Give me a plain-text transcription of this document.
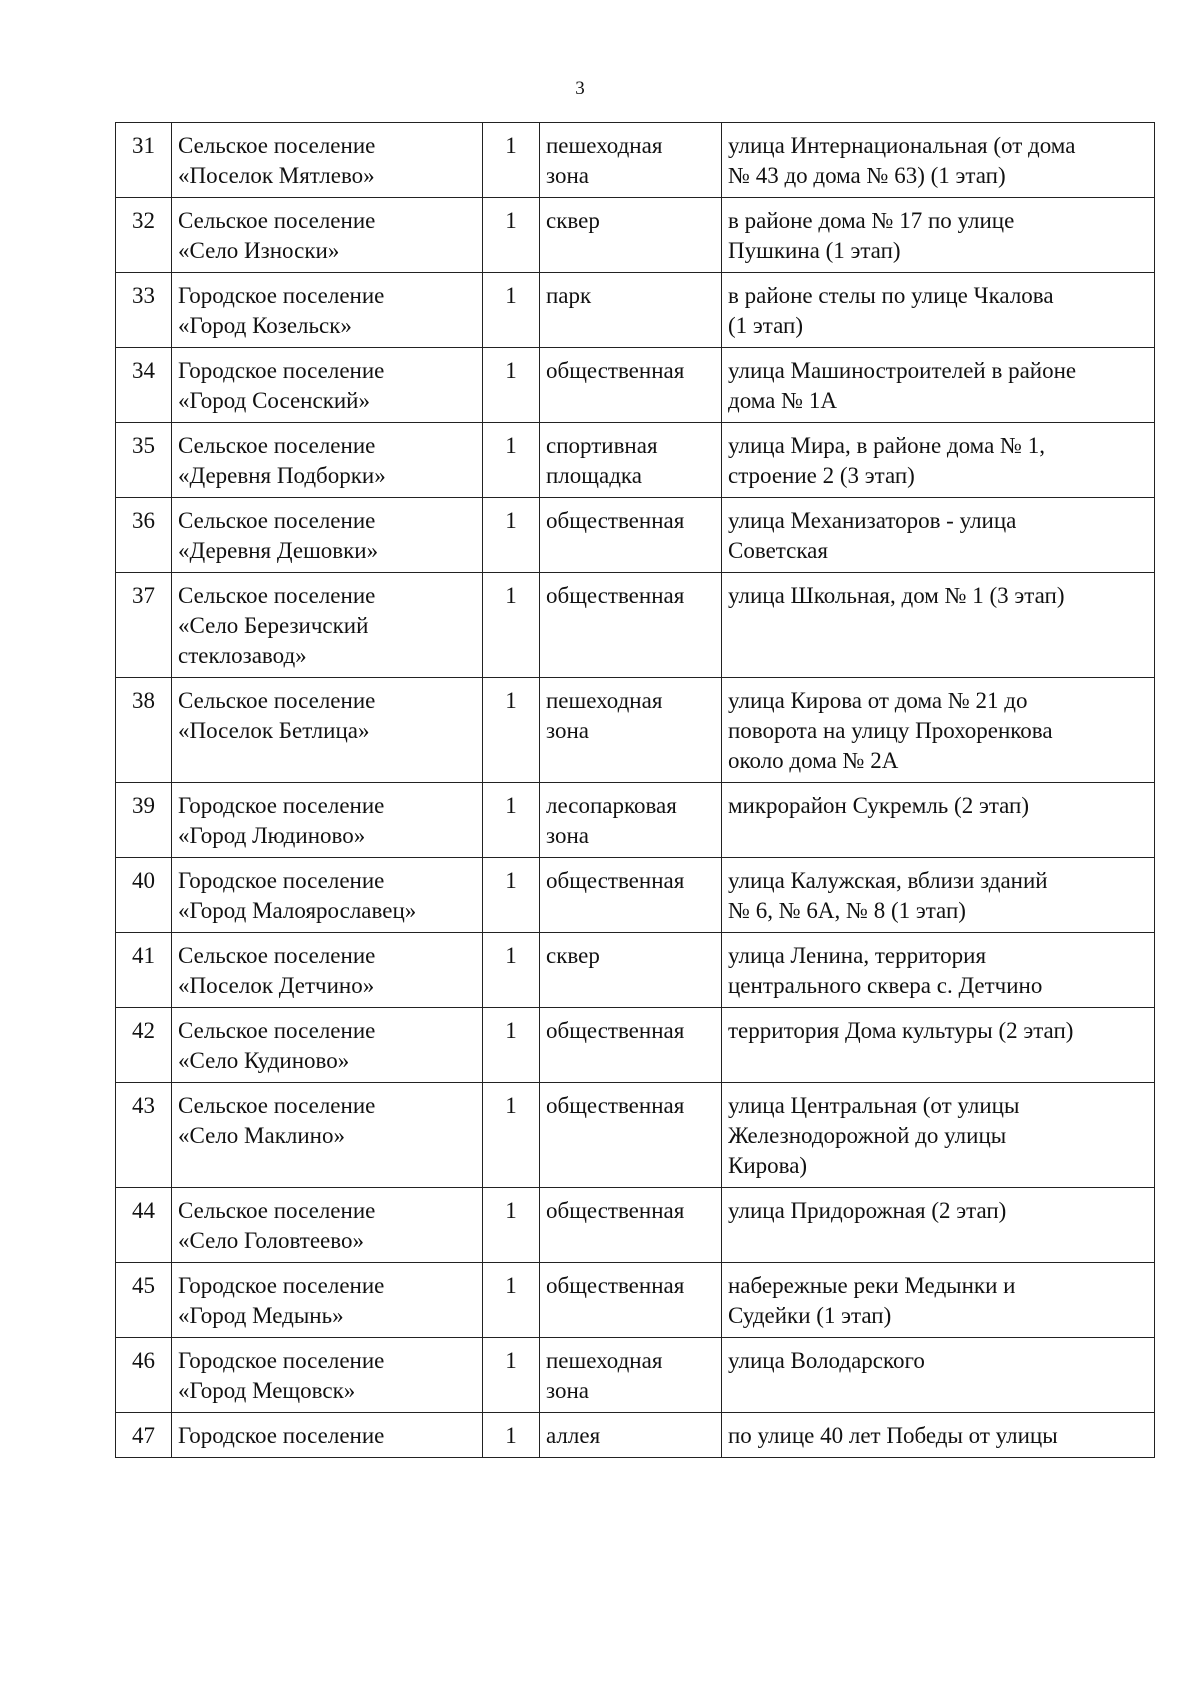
3
31	Сельское поселение
«Поселок Мятлево»	1	пешеходная
зона	улица Интернациональная (от дома
№ 43 до дома № 63) (1 этап)

32	Сельское поселение
«Село Износки»	1	сквер	в районе дома № 17 по улице
Пушкина (1 этап)

33	Городское поселение
«Город Козельск»	1	парк	в районе стелы по улице Чкалова
(1 этап)

34	Городское поселение
«Город Сосенский»	1	общественная	улица Машиностроителей в районе
дома № 1А

35	Сельское поселение
«Деревня Подборки»	1	спортивная
площадка	улица Мира, в районе дома № 1,
строение 2 (3 этап)

36	Сельское поселение
«Деревня Дешовки»	1	общественная	улица Механизаторов - улица
Советская

37	Сельское поселение
«Село Березичский
стеклозавод»	1	общественная	улица Школьная, дом № 1 (3 этап)

38	Сельское поселение
«Поселок Бетлица»	1	пешеходная
зона	улица Кирова от дома № 21 до
поворота на улицу Прохоренкова
около дома № 2А

39	Городское поселение
«Город Людиново»	1	лесопарковая
зона	микрорайон Сукремль (2 этап)

40	Городское поселение
«Город Малоярославец»	1	общественная	улица Калужская, вблизи зданий
№ 6, № 6А, № 8 (1 этап)

41	Сельское поселение
«Поселок Детчино»	1	сквер	улица Ленина, территория
центрального сквера с. Детчино

42	Сельское поселение
«Село Кудиново»	1	общественная	территория Дома культуры (2 этап)

43	Сельское поселение
«Село Маклино»	1	общественная	улица Центральная (от улицы
Железнодорожной до улицы
Кирова)

44	Сельское поселение
«Село Головтеево»	1	общественная	улица Придорожная (2 этап)

45	Городское поселение
«Город Медынь»	1	общественная	набережные реки Медынки и
Судейки (1 этап)

46	Городское поселение
«Город Мещовск»	1	пешеходная
зона	улица Володарского

47	Городское поселение	1	аллея	по улице 40 лет Победы от улицы
